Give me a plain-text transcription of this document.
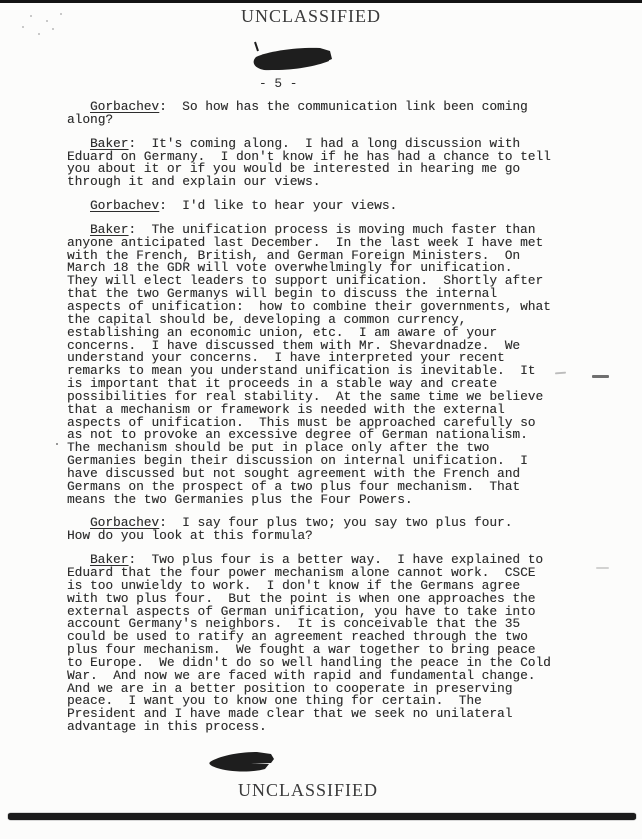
UNCLASSIFIED
- 5 -

Gorbachev:  So how has the communication link been coming
along?

Baker:  It's coming along.  I had a long discussion with
Eduard on Germany.  I don't know if he has had a chance to tell
you about it or if you would be interested in hearing me go
through it and explain our views.

Gorbachev:  I'd like to hear your views.

Baker:  The unification process is moving much faster than
anyone anticipated last December.  In the last week I have met
with the French, British, and German Foreign Ministers.  On
March 18 the GDR will vote overwhelmingly for unification.
They will elect leaders to support unification.  Shortly after
that the two Germanys will begin to discuss the internal
aspects of unification:  how to combine their governments, what
the capital should be, developing a common currency,
establishing an economic union, etc.  I am aware of your
concerns.  I have discussed them with Mr. Shevardnadze.  We
understand your concerns.  I have interpreted your recent
remarks to mean you understand unification is inevitable.  It
is important that it proceeds in a stable way and create
possibilities for real stability.  At the same time we believe
that a mechanism or framework is needed with the external
aspects of unification.  This must be approached carefully so
as not to provoke an excessive degree of German nationalism.
The mechanism should be put in place only after the two
Germanies begin their discussion on internal unification.  I
have discussed but not sought agreement with the French and
Germans on the prospect of a two plus four mechanism.  That
means the two Germanies plus the Four Powers.

Gorbachev:  I say four plus two; you say two plus four.
How do you look at this formula?

Baker:  Two plus four is a better way.  I have explained to
Eduard that the four power mechanism alone cannot work.  CSCE
is too unwieldy to work.  I don't know if the Germans agree
with two plus four.  But the point is when one approaches the
external aspects of German unification, you have to take into
account Germany's neighbors.  It is conceivable that the 35
could be used to ratify an agreement reached through the two
plus four mechanism.  We fought a war together to bring peace
to Europe.  We didn't do so well handling the peace in the Cold
War.  And now we are faced with rapid and fundamental change.
And we are in a better position to cooperate in preserving
peace.  I want you to know one thing for certain.  The
President and I have made clear that we seek no unilateral
advantage in this process.

UNCLASSIFIED
